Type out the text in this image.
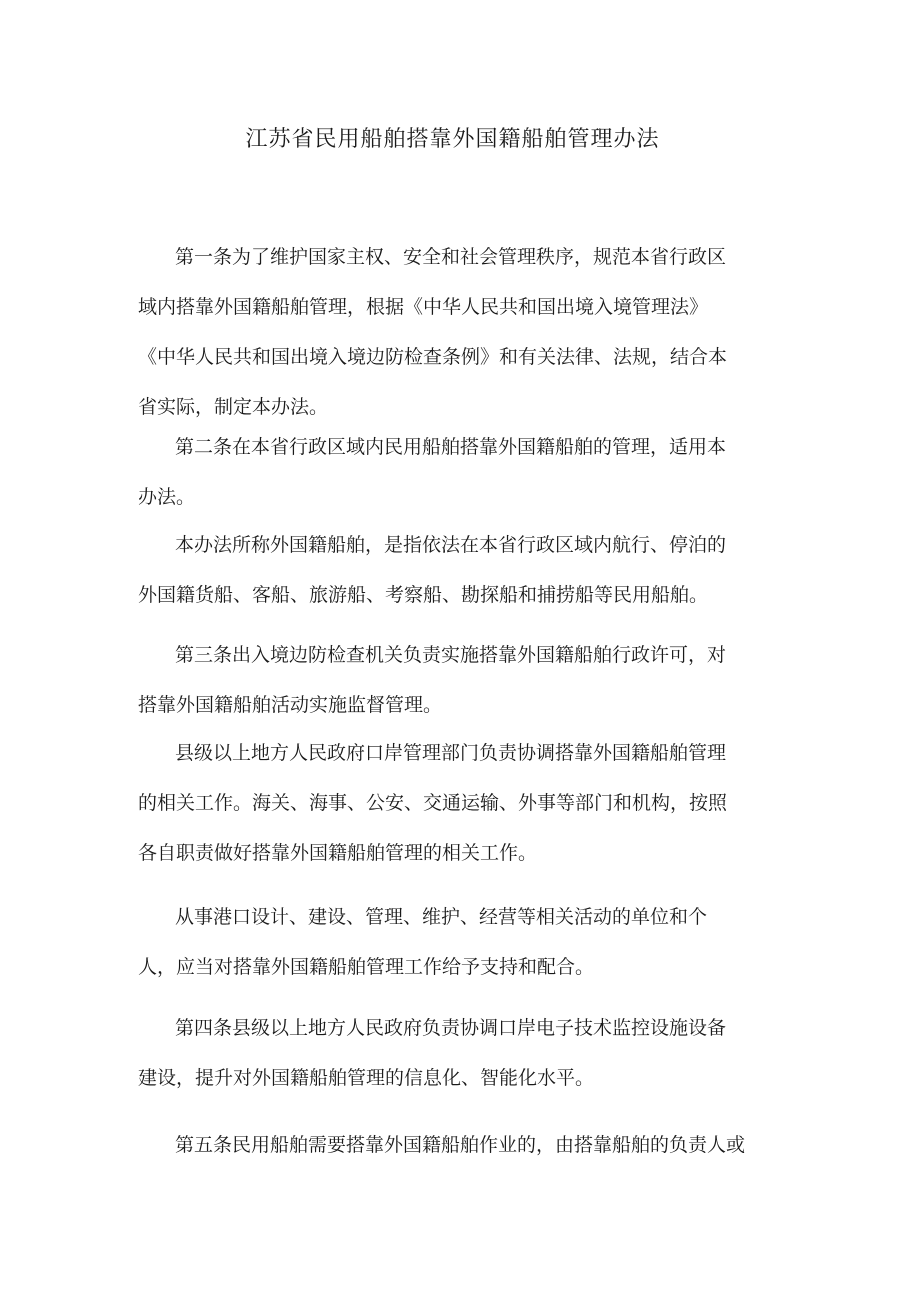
江苏省民用船舶搭靠外国籍船舶管理办法
第一条为了维护国家主权、安全和社会管理秩序，规范本省行政区
域内搭靠外国籍船舶管理，根据《中华人民共和国出境入境管理法》
《中华人民共和国出境入境边防检查条例》和有关法律、法规，结合本
省实际，制定本办法。
第二条在本省行政区域内民用船舶搭靠外国籍船舶的管理，适用本
办法。
本办法所称外国籍船舶，是指依法在本省行政区域内航行、停泊的
外国籍货船、客船、旅游船、考察船、勘探船和捕捞船等民用船舶。
第三条出入境边防检查机关负责实施搭靠外国籍船舶行政许可，对
搭靠外国籍船舶活动实施监督管理。
县级以上地方人民政府口岸管理部门负责协调搭靠外国籍船舶管理
的相关工作。海关、海事、公安、交通运输、外事等部门和机构，按照
各自职责做好搭靠外国籍船舶管理的相关工作。
从事港口设计、建设、管理、维护、经营等相关活动的单位和个
人，应当对搭靠外国籍船舶管理工作给予支持和配合。
第四条县级以上地方人民政府负责协调口岸电子技术监控设施设备
建设，提升对外国籍船舶管理的信息化、智能化水平。
第五条民用船舶需要搭靠外国籍船舶作业的，由搭靠船舶的负责人或
